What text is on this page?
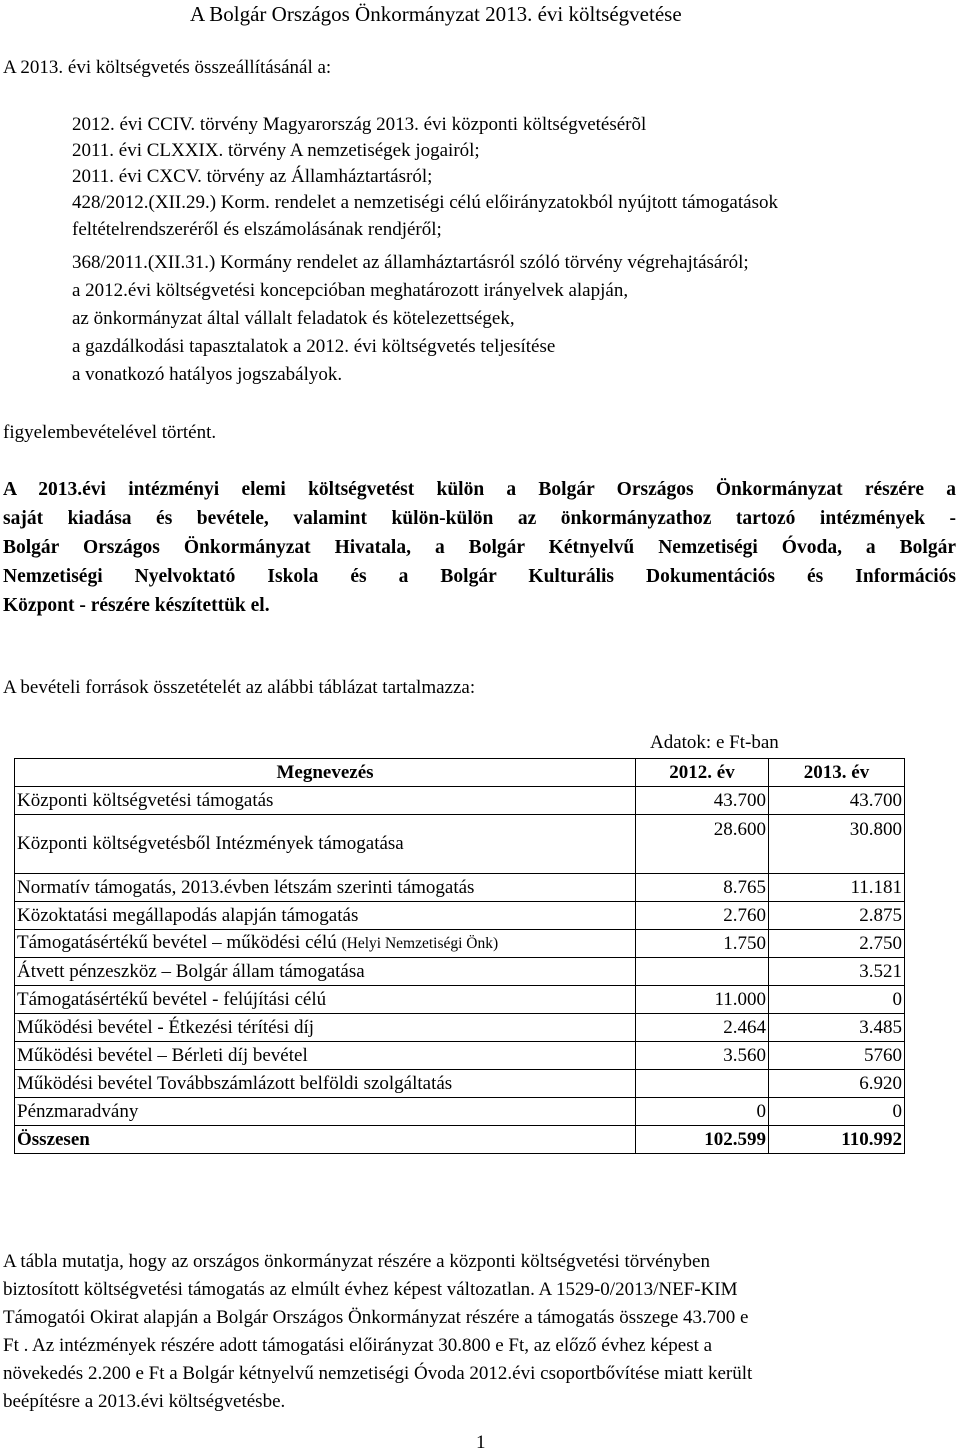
A Bolgár Országos Önkormányzat 2013. évi költségvetése
A 2013. évi költségvetés összeállításánál a:
2012. évi CCIV. törvény Magyarország 2013. évi központi költségvetésérõl
2011. évi CLXXIX. törvény A nemzetiségek jogairól;
2011. évi CXCV. törvény az Államháztartásról;
428/2012.(XII.29.) Korm. rendelet a nemzetiségi célú előirányzatokból nyújtott támogatások
feltételrendszeréről és elszámolásának rendjéről;
368/2011.(XII.31.) Kormány rendelet az államháztartásról szóló törvény végrehajtásáról;
a 2012.évi költségvetési koncepcióban meghatározott irányelvek alapján,
az önkormányzat által vállalt feladatok és kötelezettségek,
a gazdálkodási tapasztalatok a 2012. évi költségvetés teljesítése
a vonatkozó hatályos jogszabályok.
figyelembevételével történt.
A 2013.évi intézményi elemi költségvetést külön a Bolgár Országos Önkormányzat részére a
saját kiadása és bevétele, valamint külön-külön az önkormányzathoz tartozó intézmények -
Bolgár Országos Önkormányzat Hivatala, a Bolgár Kétnyelvű Nemzetiségi Óvoda, a Bolgár
Nemzetiségi Nyelvoktató Iskola és a Bolgár Kulturális Dokumentációs és Információs
Központ - részére készítettük el.
A bevételi források összetételét az alábbi táblázat tartalmazza:
Adatok: e Ft-ban
Megnevezés	2012. év	2013. év
Központi költségvetési támogatás	43.700	43.700
Központi költségvetésből Intézmények támogatása	28.600	30.800
Normatív támogatás, 2013.évben létszám szerinti támogatás	8.765	11.181
Közoktatási megállapodás alapján támogatás	2.760	2.875
Támogatásértékű bevétel – működési célú (Helyi Nemzetiségi Önk)	1.750	2.750
Átvett pénzeszköz – Bolgár állam támogatása		3.521
Támogatásértékű bevétel - felújítási célú	11.000	0
Működési bevétel - Étkezési térítési díj	2.464	3.485
Működési bevétel – Bérleti díj bevétel	3.560	5760
Működési bevétel Továbbszámlázott belföldi szolgáltatás		6.920
Pénzmaradvány	0	0
Összesen	102.599	110.992
A tábla mutatja, hogy az országos önkormányzat részére a központi költségvetési törvényben
biztosított költségvetési támogatás az elmúlt évhez képest változatlan. A 1529-0/2013/NEF-KIM
Támogatói Okirat alapján a Bolgár Országos Önkormányzat részére a támogatás összege 43.700 e
Ft . Az intézmények részére adott támogatási előirányzat 30.800 e Ft, az előző évhez képest a
növekedés 2.200 e Ft a Bolgár kétnyelvű nemzetiségi Óvoda 2012.évi csoportbővítése miatt került
beépítésre a 2013.évi költségvetésbe.
1
